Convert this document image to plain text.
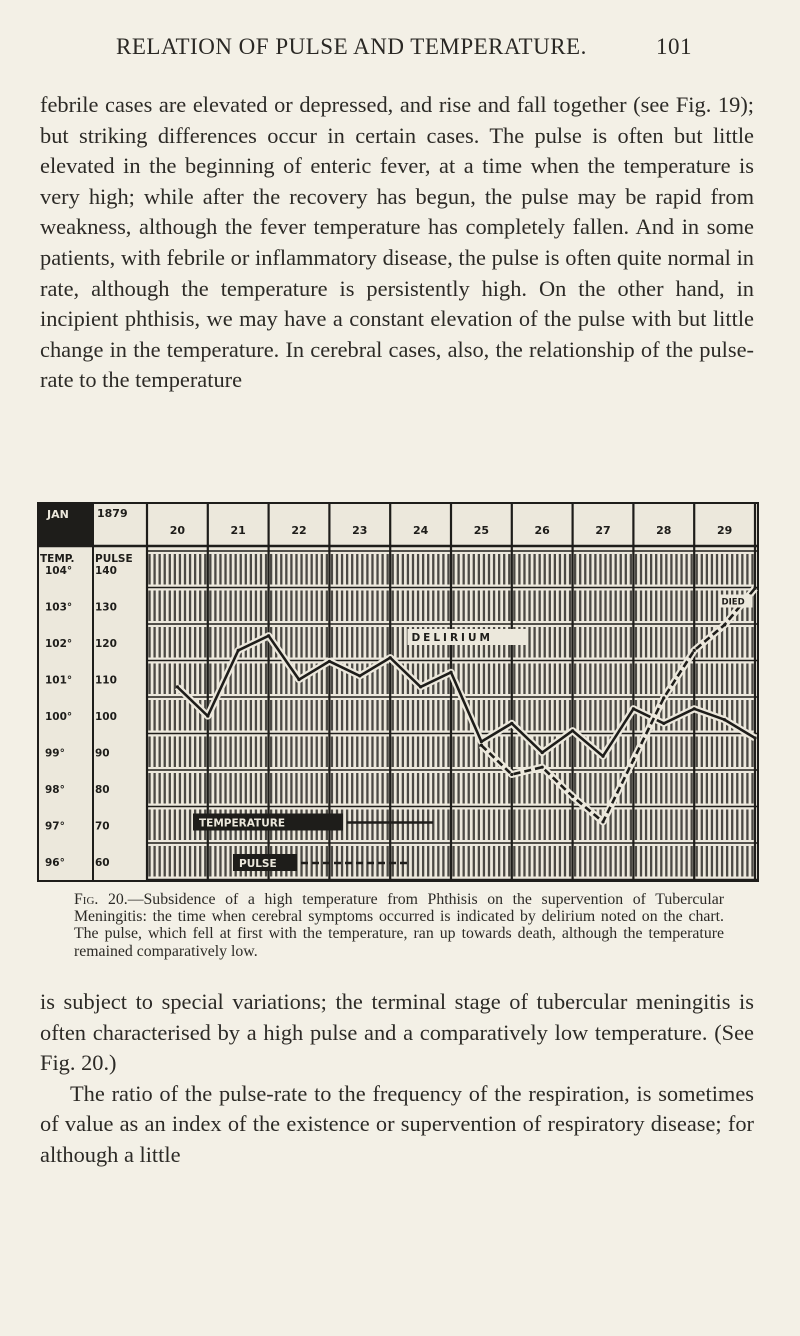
RELATION OF PULSE AND TEMPERATURE.	101

febrile cases are elevated or depressed, and rise and fall together (see Fig. 19); but striking differences occur in certain cases. The pulse is often but little elevated in the beginning of enteric fever, at a time when the temperature is very high; while after the recovery has begun, the pulse may be rapid from weakness, although the fever temperature has completely fallen. And in some patients, with febrile or inflammatory disease, the pulse is often quite normal in rate, although the temperature is persistently high. On the other hand, in incipient phthisis, we may have a constant elevation of the pulse with but little change in the temperature. In cerebral cases, also, the relationship of the pulse-rate to the temperature

JAN	1879
20	21	22	23	24	25	26	27	28	29
TEMP. PULSE
104° 140
103° 130
102° 120
101° 110
100° 100
99°	90
98°	80
97°	70
96°	60
TEMPERATURE
PULSE
DELIRIUM
DIED

Fig. 20.—Subsidence of a high temperature from Phthisis on the supervention of Tubercular Meningitis: the time when cerebral symptoms occurred is indicated by delirium noted on the chart. The pulse, which fell at first with the temperature, ran up towards death, although the temperature remained comparatively low.

is subject to special variations; the terminal stage of tubercular meningitis is often characterised by a high pulse and a comparatively low temperature. (See Fig. 20.)

The ratio of the pulse-rate to the frequency of the respiration, is sometimes of value as an index of the existence or supervention of respiratory disease; for although a little
